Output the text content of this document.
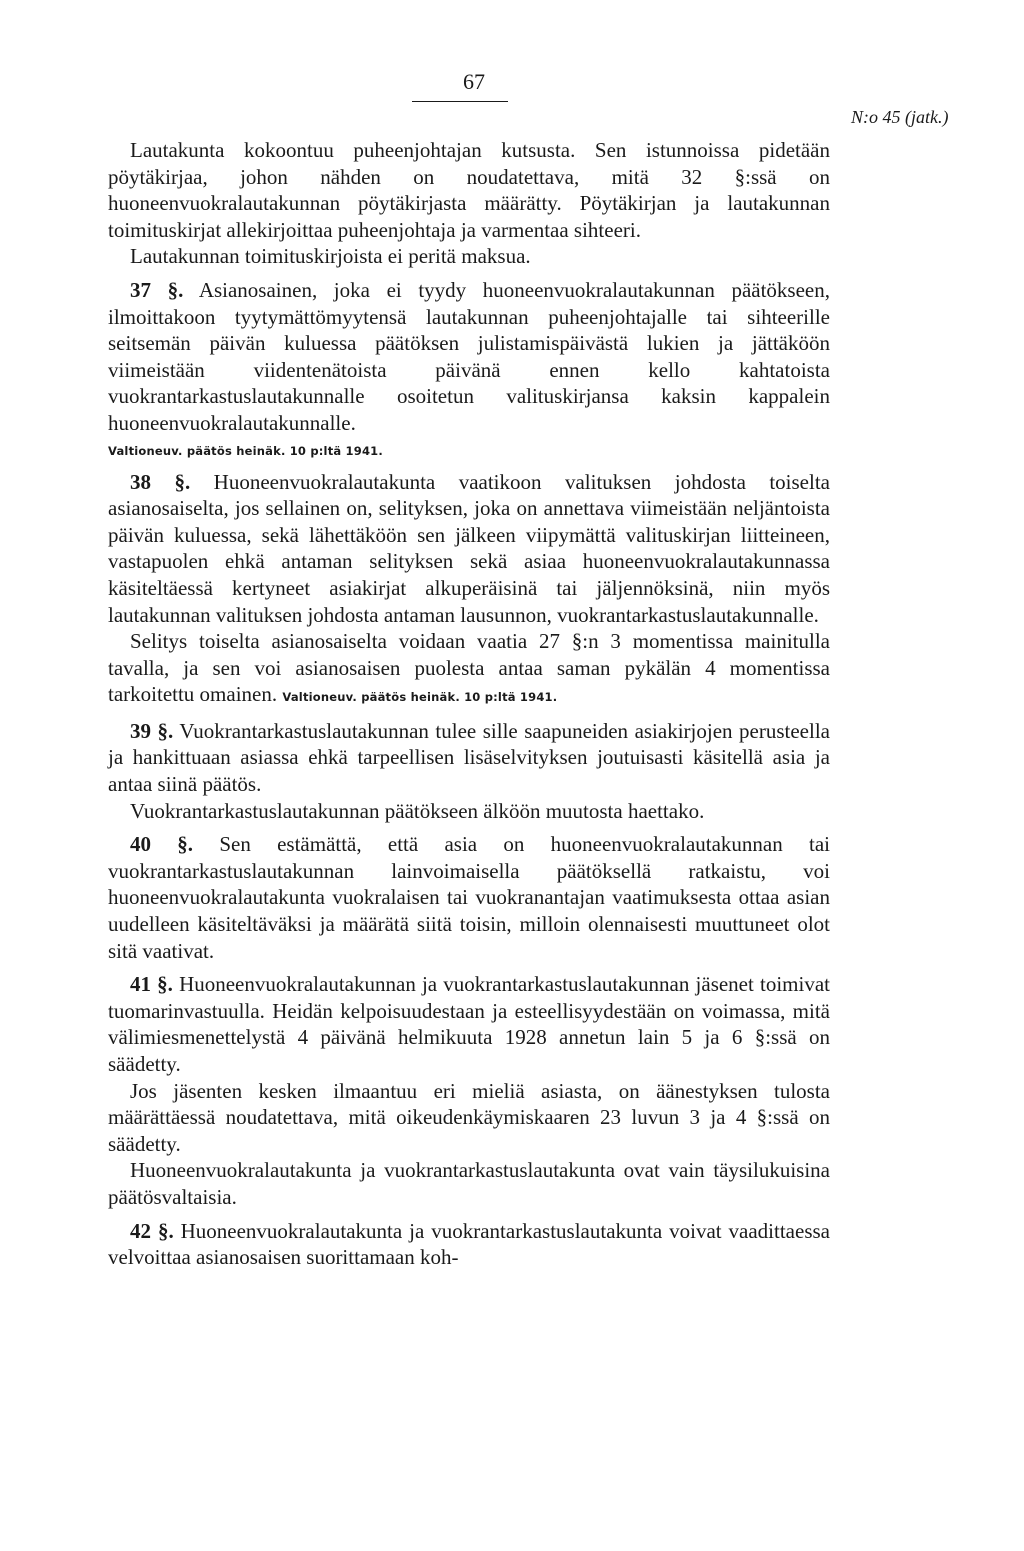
67
N:o 45 (jatk.)

Lautakunta kokoontuu puheenjohtajan kutsusta. Sen istunnoissa pidetään pöytäkirjaa, johon nähden on noudatettava, mitä 32 §:ssä on huoneenvuokralautakunnan pöytäkirjasta määrätty. Pöytäkirjan ja lautakunnan toimituskirjat allekirjoittaa puheenjohtaja ja varmentaa sihteeri.

Lautakunnan toimituskirjoista ei peritä maksua.

37 §. Asianosainen, joka ei tyydy huoneenvuokralautakunnan päätökseen, ilmoittakoon tyytymättömyytensä lautakunnan puheenjohtajalle tai sihteerille seitsemän päivän kuluessa päätöksen julistamispäivästä lukien ja jättäköön viimeistään viidentenätoista päivänä ennen kello kahtatoista vuokrantarkastuslautakunnalle osoitetun valituskirjansa kaksin kappalein huoneenvuokralautakunnalle.

Valtioneuv. päätös heinäk. 10 p:ltä 1941.

38 §. Huoneenvuokralautakunta vaatikoon valituksen johdosta toiselta asianosaiselta, jos sellainen on, selityksen, joka on annettava viimeistään neljäntoista päivän kuluessa, sekä lähettäköön sen jälkeen viipymättä valituskirjan liitteineen, vastapuolen ehkä antaman selityksen sekä asiaa huoneenvuokralautakunnassa käsiteltäessä kertyneet asiakirjat alkuperäisinä tai jäljennöksinä, niin myös lautakunnan valituksen johdosta antaman lausunnon, vuokrantarkastuslautakunnalle.

Selitys toiselta asianosaiselta voidaan vaatia 27 §:n 3 momentissa mainitulla tavalla, ja sen voi asianosaisen puolesta antaa saman pykälän 4 momentissa tarkoitettu omainen. Valtioneuv. päätös heinäk. 10 p:ltä 1941.

39 §. Vuokrantarkastuslautakunnan tulee sille saapuneiden asiakirjojen perusteella ja hankittuaan asiassa ehkä tarpeellisen lisäselvityksen joutuisasti käsitellä asia ja antaa siinä päätös.

Vuokrantarkastuslautakunnan päätökseen älköön muutosta haettako.

40 §. Sen estämättä, että asia on huoneenvuokralautakunnan tai vuokrantarkastuslautakunnan lainvoimaisella päätöksellä ratkaistu, voi huoneenvuokralautakunta vuokralaisen tai vuokranantajan vaatimuksesta ottaa asian uudelleen käsiteltäväksi ja määrätä siitä toisin, milloin olennaisesti muuttuneet olot sitä vaativat.

41 §. Huoneenvuokralautakunnan ja vuokrantarkastuslautakunnan jäsenet toimivat tuomarinvastuulla. Heidän kelpoisuudestaan ja esteellisyydestään on voimassa, mitä välimiesmenettelystä 4 päivänä helmikuuta 1928 annetun lain 5 ja 6 §:ssä on säädetty.

Jos jäsenten kesken ilmaantuu eri mieliä asiasta, on äänestyksen tulosta määrättäessä noudatettava, mitä oikeudenkäymiskaaren 23 luvun 3 ja 4 §:ssä on säädetty.

Huoneenvuokralautakunta ja vuokrantarkastuslautakunta ovat vain täysilukuisina päätösvaltaisia.

42 §. Huoneenvuokralautakunta ja vuokrantarkastuslautakunta voivat vaadittaessa velvoittaa asianosaisen suorittamaan koh-
